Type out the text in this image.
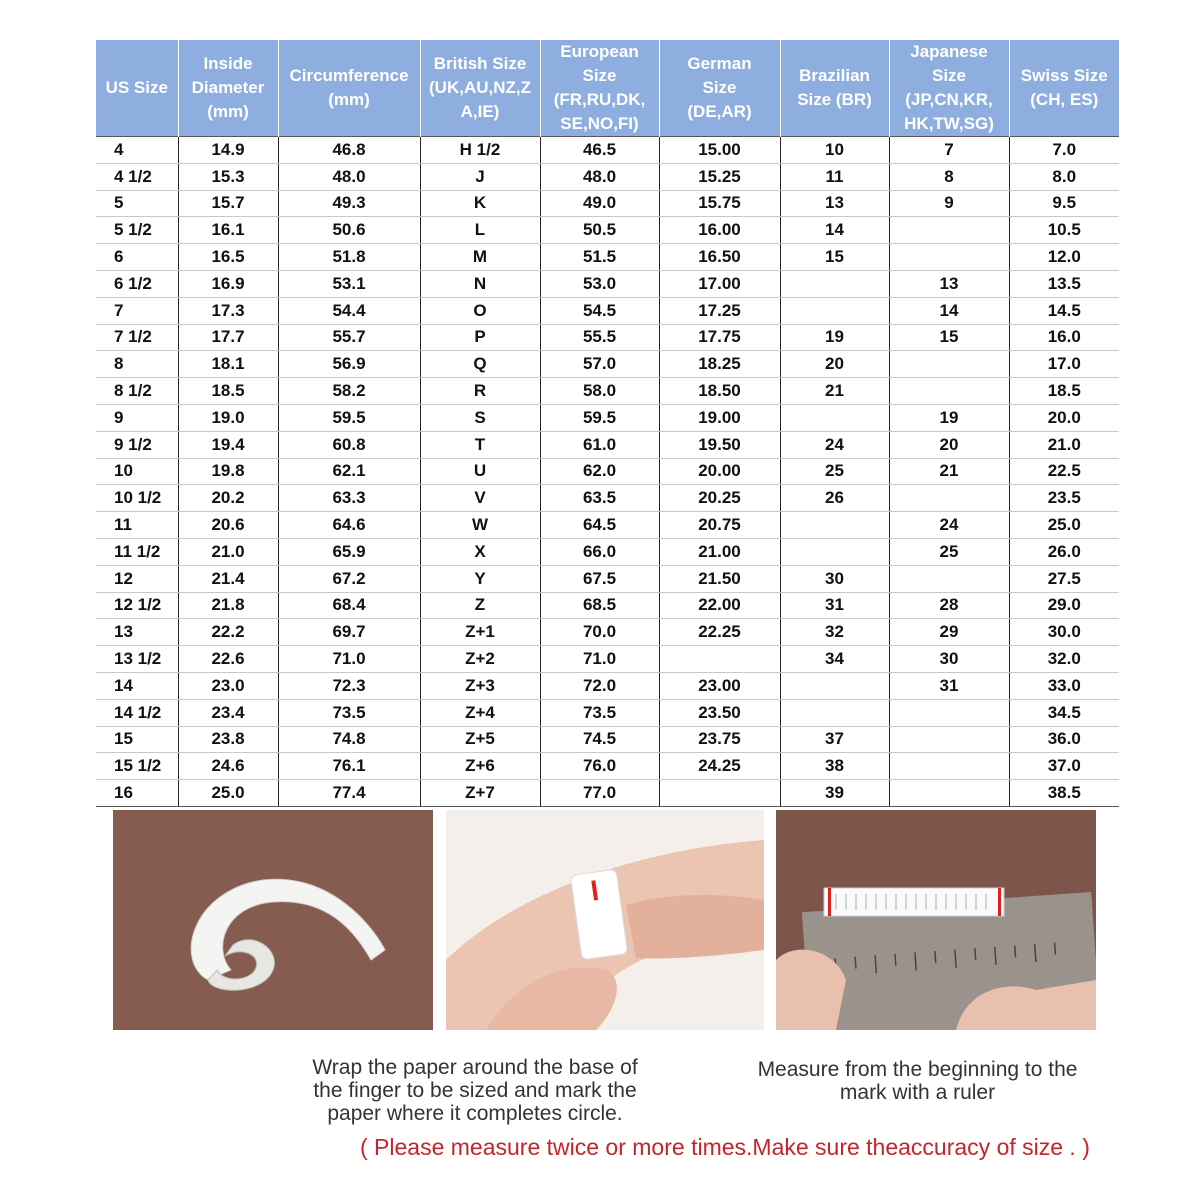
US Size	Inside
Diameter
(mm)	Circumference
(mm)	British Size
(UK,AU,NZ,Z
A,IE)	European
Size
(FR,RU,DK,
SE,NO,FI)	German
Size
(DE,AR)	Brazilian
Size (BR)	Japanese
Size
(JP,CN,KR,
HK,TW,SG)	Swiss Size
(CH, ES)
4	14.9	46.8	H 1/2	46.5	15.00	10	7	7.0
4 1/2	15.3	48.0	J	48.0	15.25	11	8	8.0
5	15.7	49.3	K	49.0	15.75	13	9	9.5
5 1/2	16.1	50.6	L	50.5	16.00	14		10.5
6	16.5	51.8	M	51.5	16.50	15		12.0
6 1/2	16.9	53.1	N	53.0	17.00		13	13.5
7	17.3	54.4	O	54.5	17.25		14	14.5
7 1/2	17.7	55.7	P	55.5	17.75	19	15	16.0
8	18.1	56.9	Q	57.0	18.25	20		17.0
8 1/2	18.5	58.2	R	58.0	18.50	21		18.5
9	19.0	59.5	S	59.5	19.00		19	20.0
9 1/2	19.4	60.8	T	61.0	19.50	24	20	21.0
10	19.8	62.1	U	62.0	20.00	25	21	22.5
10 1/2	20.2	63.3	V	63.5	20.25	26		23.5
11	20.6	64.6	W	64.5	20.75		24	25.0
11 1/2	21.0	65.9	X	66.0	21.00		25	26.0
12	21.4	67.2	Y	67.5	21.50	30		27.5
12 1/2	21.8	68.4	Z	68.5	22.00	31	28	29.0
13	22.2	69.7	Z+1	70.0	22.25	32	29	30.0
13 1/2	22.6	71.0	Z+2	71.0		34	30	32.0
14	23.0	72.3	Z+3	72.0	23.00		31	33.0
14 1/2	23.4	73.5	Z+4	73.5	23.50			34.5
15	23.8	74.8	Z+5	74.5	23.75	37		36.0
15 1/2	24.6	76.1	Z+6	76.0	24.25	38		37.0
16	25.0	77.4	Z+7	77.0		39		38.5
Wrap the paper around the base of
the finger to be sized and mark the
paper where it completes circle.
Measure from the beginning to the
mark with a ruler
( Please measure twice or more times.Make sure theaccuracy of size . )
